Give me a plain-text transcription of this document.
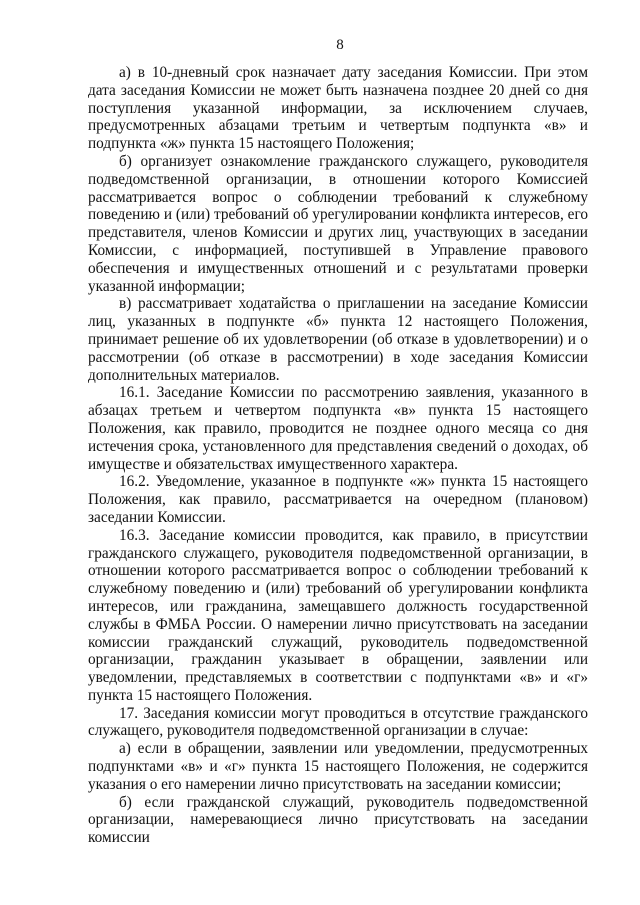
8

а) в 10-дневный срок назначает дату заседания Комиссии. При этом дата заседания Комиссии не может быть назначена позднее 20 дней со дня поступления указанной информации, за исключением случаев, предусмотренных абзацами третьим и четвертым подпункта «в» и подпункта «ж» пункта 15 настоящего Положения;

б) организует ознакомление гражданского служащего, руководителя подведомственной организации, в отношении которого Комиссией рассматривается вопрос о соблюдении требований к служебному поведению и (или) требований об урегулировании конфликта интересов, его представителя, членов Комиссии и других лиц, участвующих в заседании Комиссии, с информацией, поступившей в Управление правового обеспечения и имущественных отношений и с результатами проверки указанной информации;

в) рассматривает ходатайства о приглашении на заседание Комиссии лиц, указанных в подпункте «б» пункта 12 настоящего Положения, принимает решение об их удовлетворении (об отказе в удовлетворении) и о рассмотрении (об отказе в рассмотрении) в ходе заседания Комиссии дополнительных материалов.

16.1. Заседание Комиссии по рассмотрению заявления, указанного в абзацах третьем и четвертом подпункта «в» пункта 15 настоящего Положения, как правило, проводится не позднее одного месяца со дня истечения срока, установленного для представления сведений о доходах, об имуществе и обязательствах имущественного характера.

16.2. Уведомление, указанное в подпункте «ж» пункта 15 настоящего Положения, как правило, рассматривается на очередном (плановом) заседании Комиссии.

16.3. Заседание комиссии проводится, как правило, в присутствии гражданского служащего, руководителя подведомственной организации, в отношении которого рассматривается вопрос о соблюдении требований к служебному поведению и (или) требований об урегулировании конфликта интересов, или гражданина, замещавшего должность государственной службы в ФМБА России. О намерении лично присутствовать на заседании комиссии гражданский служащий, руководитель подведомственной организации, гражданин указывает в обращении, заявлении или уведомлении, представляемых в соответствии с подпунктами «в» и «г» пункта 15 настоящего Положения.

17. Заседания комиссии могут проводиться в отсутствие гражданского служащего, руководителя подведомственной организации в случае:

а) если в обращении, заявлении или уведомлении, предусмотренных подпунктами «в» и «г» пункта 15 настоящего Положения, не содержится указания о его намерении лично присутствовать на заседании комиссии;

б) если гражданской служащий, руководитель подведомственной организации, намеревающиеся лично присутствовать на заседании комиссии
